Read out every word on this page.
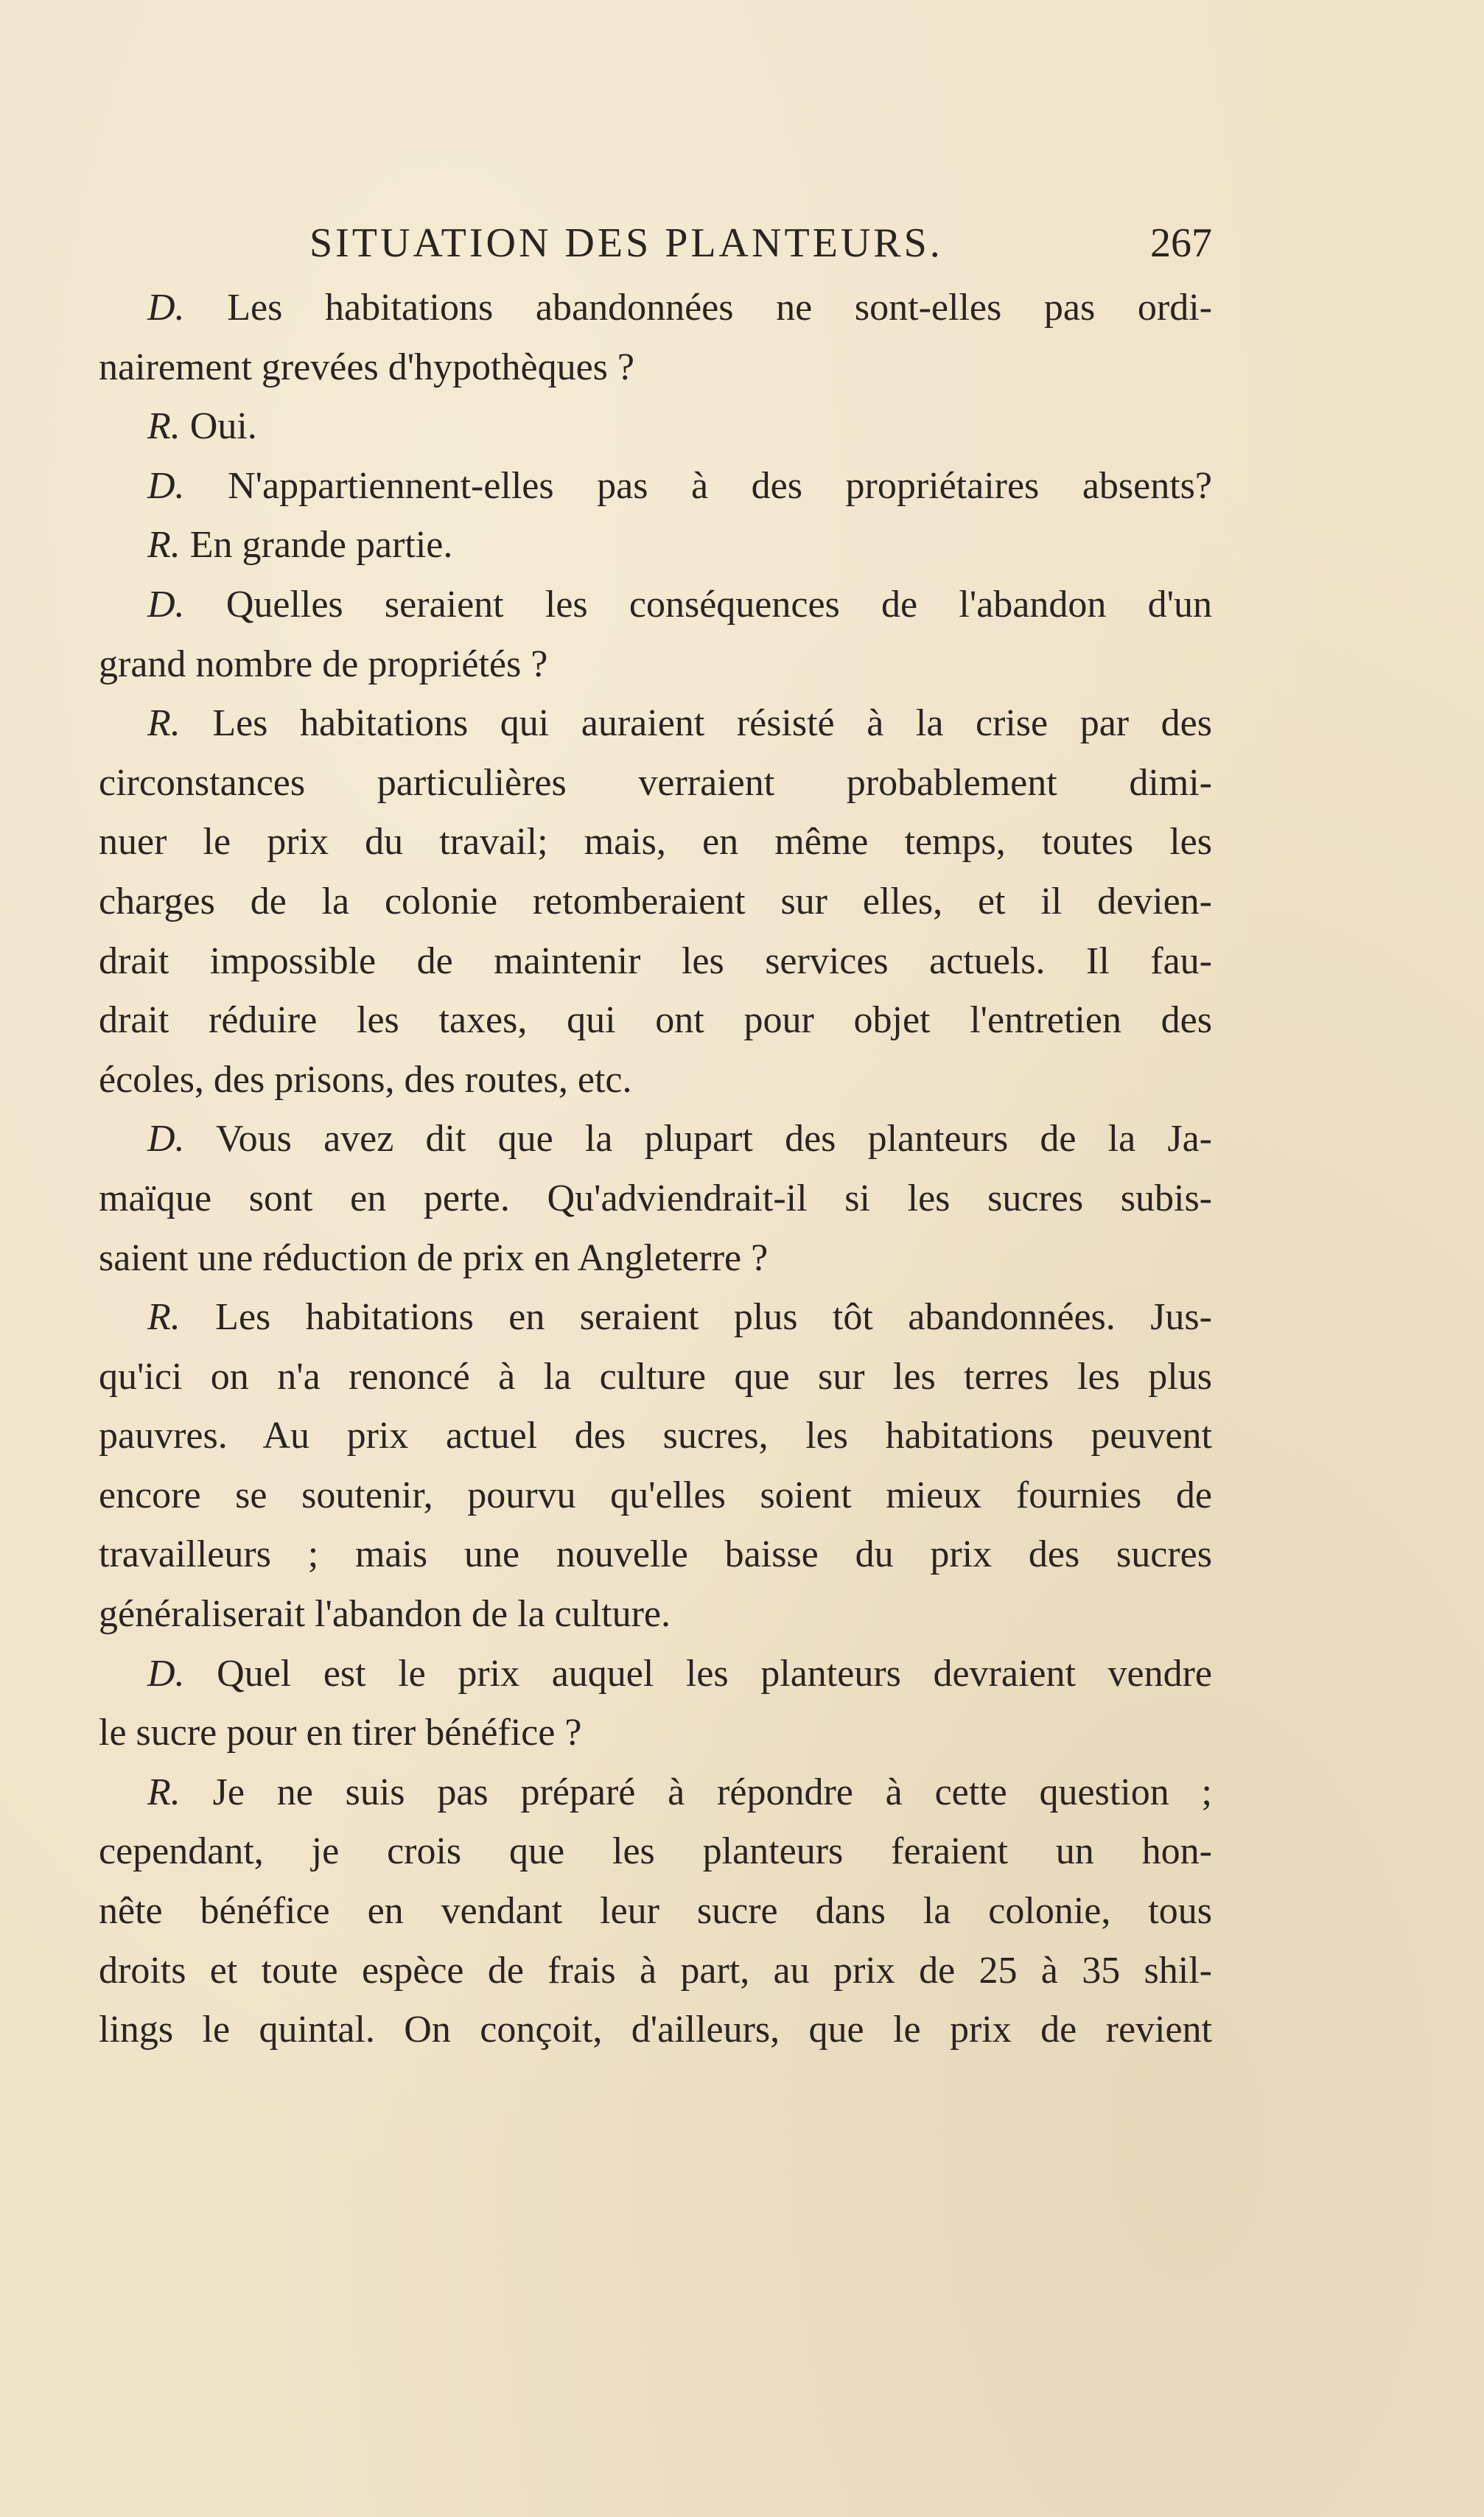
SITUATION DES PLANTEURS.	267
D. Les habitations abandonnées ne sont-elles pas ordi-
nairement grevées d'hypothèques ?
R. Oui.
D. N'appartiennent-elles pas à des propriétaires absents?
R. En grande partie.
D. Quelles seraient les conséquences de l'abandon d'un
grand nombre de propriétés ?
R. Les habitations qui auraient résisté à la crise par des
circonstances particulières verraient probablement dimi-
nuer le prix du travail; mais, en même temps, toutes les
charges de la colonie retomberaient sur elles, et il devien-
drait impossible de maintenir les services actuels. Il fau-
drait réduire les taxes, qui ont pour objet l'entretien des
écoles, des prisons, des routes, etc.
D. Vous avez dit que la plupart des planteurs de la Ja-
maïque sont en perte. Qu'adviendrait-il si les sucres subis-
saient une réduction de prix en Angleterre ?
R. Les habitations en seraient plus tôt abandonnées. Jus-
qu'ici on n'a renoncé à la culture que sur les terres les plus
pauvres. Au prix actuel des sucres, les habitations peuvent
encore se soutenir, pourvu qu'elles soient mieux fournies de
travailleurs ; mais une nouvelle baisse du prix des sucres
généraliserait l'abandon de la culture.
D. Quel est le prix auquel les planteurs devraient vendre
le sucre pour en tirer bénéfice ?
R. Je ne suis pas préparé à répondre à cette question ;
cependant, je crois que les planteurs feraient un hon-
nête bénéfice en vendant leur sucre dans la colonie, tous
droits et toute espèce de frais à part, au prix de 25 à 35 shil-
lings le quintal. On conçoit, d'ailleurs, que le prix de revient
